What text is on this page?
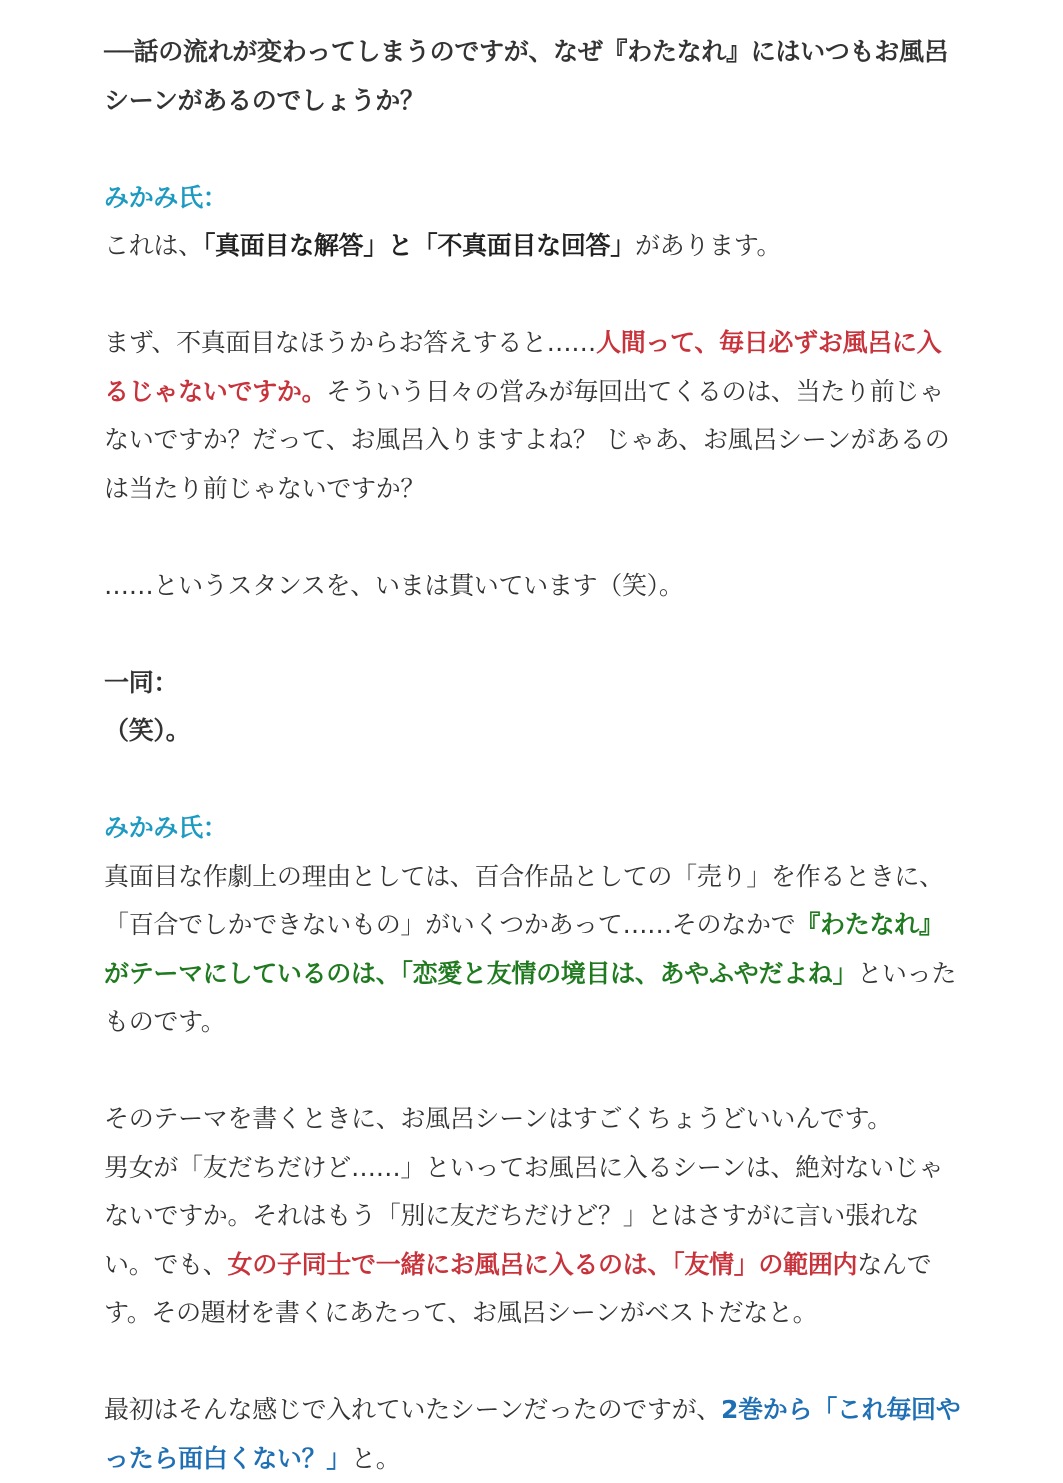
──話の流れが変わってしまうのですが、なぜ『わたなれ』にはいつもお風呂シーンがあるのでしょうか？

みかみ氏：

これは、「真面目な解答」と「不真面目な回答」があります。

まず、不真面目なほうからお答えすると……人間って、毎日必ずお風呂に入るじゃないですか。そういう日々の営みが毎回出てくるのは、当たり前じゃないですか？だって、お風呂入りますよね？ じゃあ、お風呂シーンがあるのは当たり前じゃないですか？

……というスタンスを、いまは貫いています（笑）。

一同：

（笑）。

みかみ氏：

真面目な作劇上の理由としては、百合作品としての「売り」を作るときに、「百合でしかできないもの」がいくつかあって……そのなかで『わたなれ』がテーマにしているのは、「恋愛と友情の境目は、あやふやだよね」といったものです。

そのテーマを書くときに、お風呂シーンはすごくちょうどいいんです。

男女が「友だちだけど……」といってお風呂に入るシーンは、絶対ないじゃないですか。それはもう「別に友だちだけど？」とはさすがに言い張れない。でも、女の子同士で一緒にお風呂に入るのは、「友情」の範囲内なんです。その題材を書くにあたって、お風呂シーンがベストだなと。

最初はそんな感じで入れていたシーンだったのですが、2巻から「これ毎回やったら面白くない？」と。
